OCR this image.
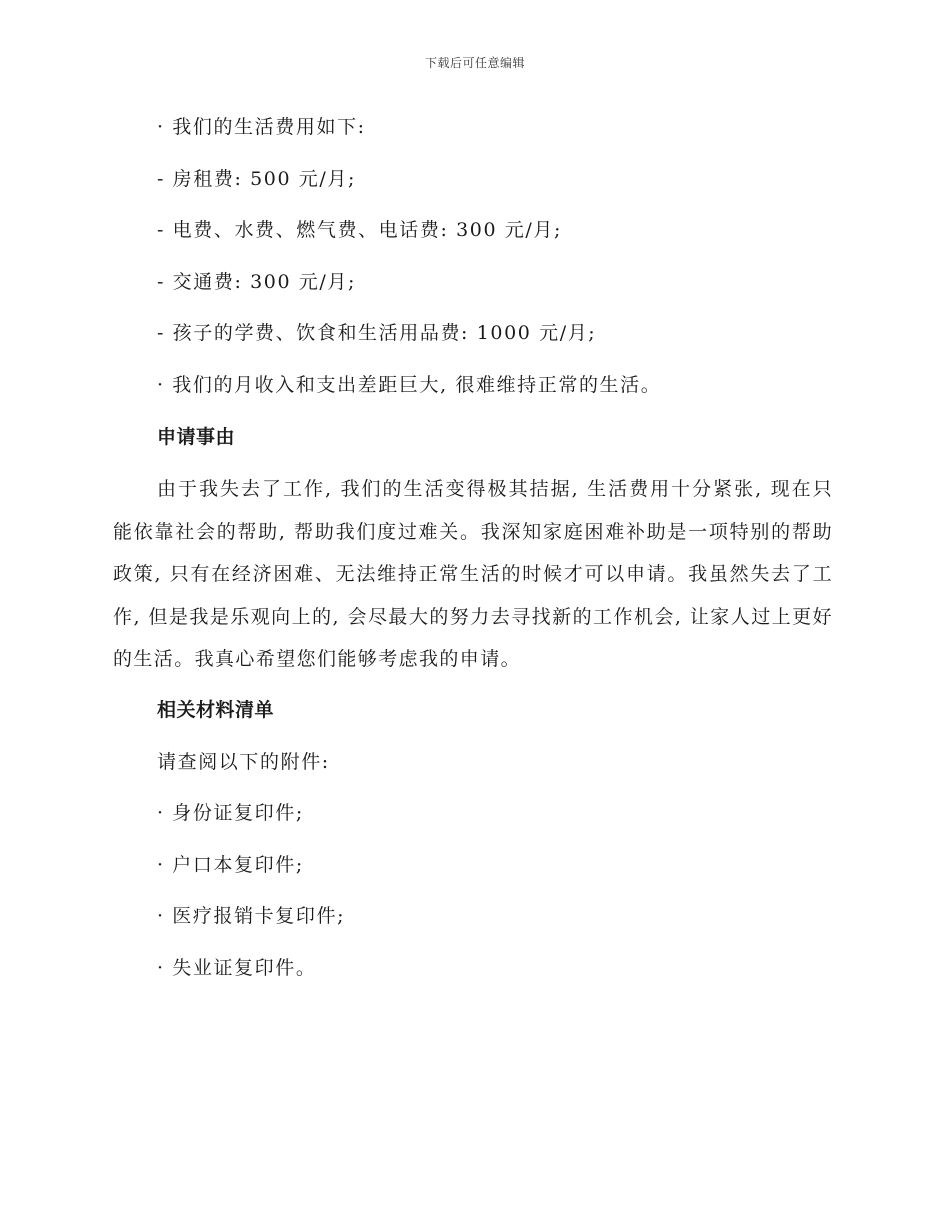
下载后可任意编辑
· 我们的生活费用如下:
- 房租费: 500 元/月;
- 电费、水费、燃气费、电话费: 300 元/月;
- 交通费: 300 元/月;
- 孩子的学费、饮食和生活用品费: 1000 元/月;
· 我们的月收入和支出差距巨大, 很难维持正常的生活。
申请事由
由于我失去了工作, 我们的生活变得极其拮据, 生活费用十分紧张, 现在只能依靠社会的帮助, 帮助我们度过难关。我深知家庭困难补助是一项特别的帮助政策, 只有在经济困难、无法维持正常生活的时候才可以申请。我虽然失去了工作, 但是我是乐观向上的, 会尽最大的努力去寻找新的工作机会, 让家人过上更好的生活。我真心希望您们能够考虑我的申请。
相关材料清单
请查阅以下的附件:
· 身份证复印件;
· 户口本复印件;
· 医疗报销卡复印件;
· 失业证复印件。
